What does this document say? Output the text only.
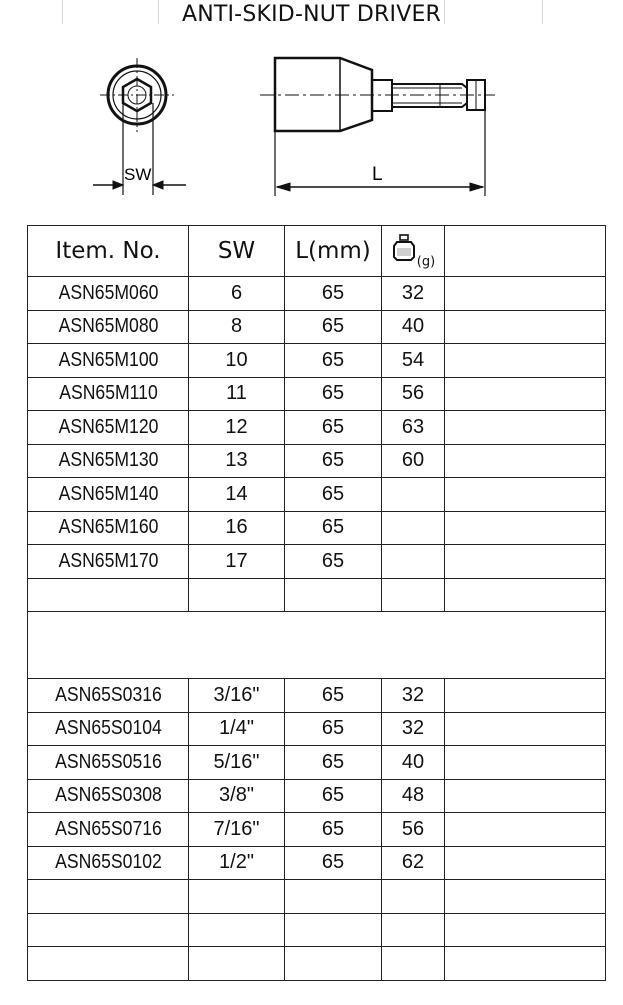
ANTI-SKID-NUT DRIVER
SW	L
Item. No.	SW	L(mm)	$_{(g)}$	
ASN65M060	6	65	32	
ASN65M080	8	65	40	
ASN65M100	10	65	54	
ASN65M110	11	65	56	
ASN65M120	12	65	63	
ASN65M130	13	65	60	
ASN65M140	14	65		
ASN65M160	16	65		
ASN65M170	17	65		

ASN65S0316	3/16"	65	32	
ASN65S0104	1/4"	65	32	
ASN65S0516	5/16"	65	40	
ASN65S0308	3/8"	65	48	
ASN65S0716	7/16"	65	56	
ASN65S0102	1/2"	65	62	
